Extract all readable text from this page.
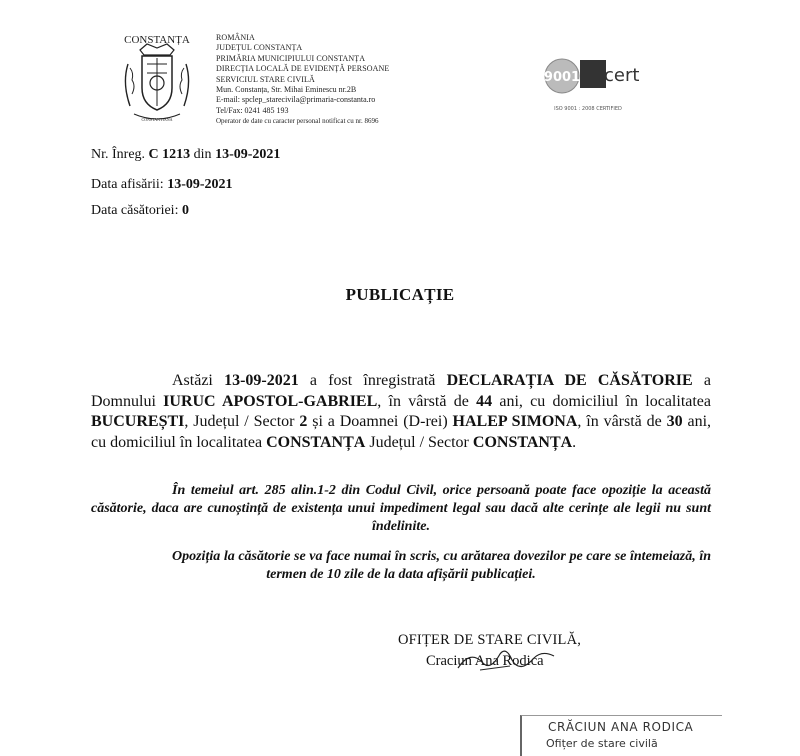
CONSTANȚA
CONSTANTIANA
ROMÂNIA
JUDEȚUL CONSTANȚA
PRIMĂRIA MUNICIPIULUI CONSTANȚA
DIRECȚIA LOCALĂ DE EVIDENȚĂ PERSOANE
SERVICIUL STARE CIVILĂ
Mun. Constanța, Str. Mihai Eminescu nr.2B
E-mail: spclep_starecivila@primaria-constanta.ro
Tel/Fax: 0241 485 193
Operator de date cu caracter personal notificat cu nr. 8696
9001 cert
ISO 9001 : 2008 CERTIFIED
Nr. Înreg. C 1213 din 13-09-2021
Data afisării: 13-09-2021
Data căsătoriei: 0
PUBLICAȚIE
Astăzi 13-09-2021 a fost înregistrată DECLARAȚIA DE CĂSĂTORIE a Domnului IURUC APOSTOL-GABRIEL, în vârstă de 44 ani, cu domiciliul în localitatea BUCUREȘTI, Județul / Sector 2 și a Doamnei (D-rei) HALEP SIMONA, în vârstă de 30 ani, cu domiciliul în localitatea CONSTANȚA Județul / Sector CONSTANȚA.
În temeiul art. 285 alin.1-2 din Codul Civil, orice persoană poate face opoziție la această căsătorie, daca are cunoștință de existența unui impediment legal sau dacă alte cerințe ale legii nu sunt îndelinite.
Opoziția la căsătorie se va face numai în scris, cu arătarea dovezilor pe care se întemeiază, în termen de 10 zile de la data afișării publicației.
OFIȚER DE STARE CIVILĂ,
Craciun Ana Rodica
CRĂCIUN ANA RODICA
Ofițer de stare civilă
